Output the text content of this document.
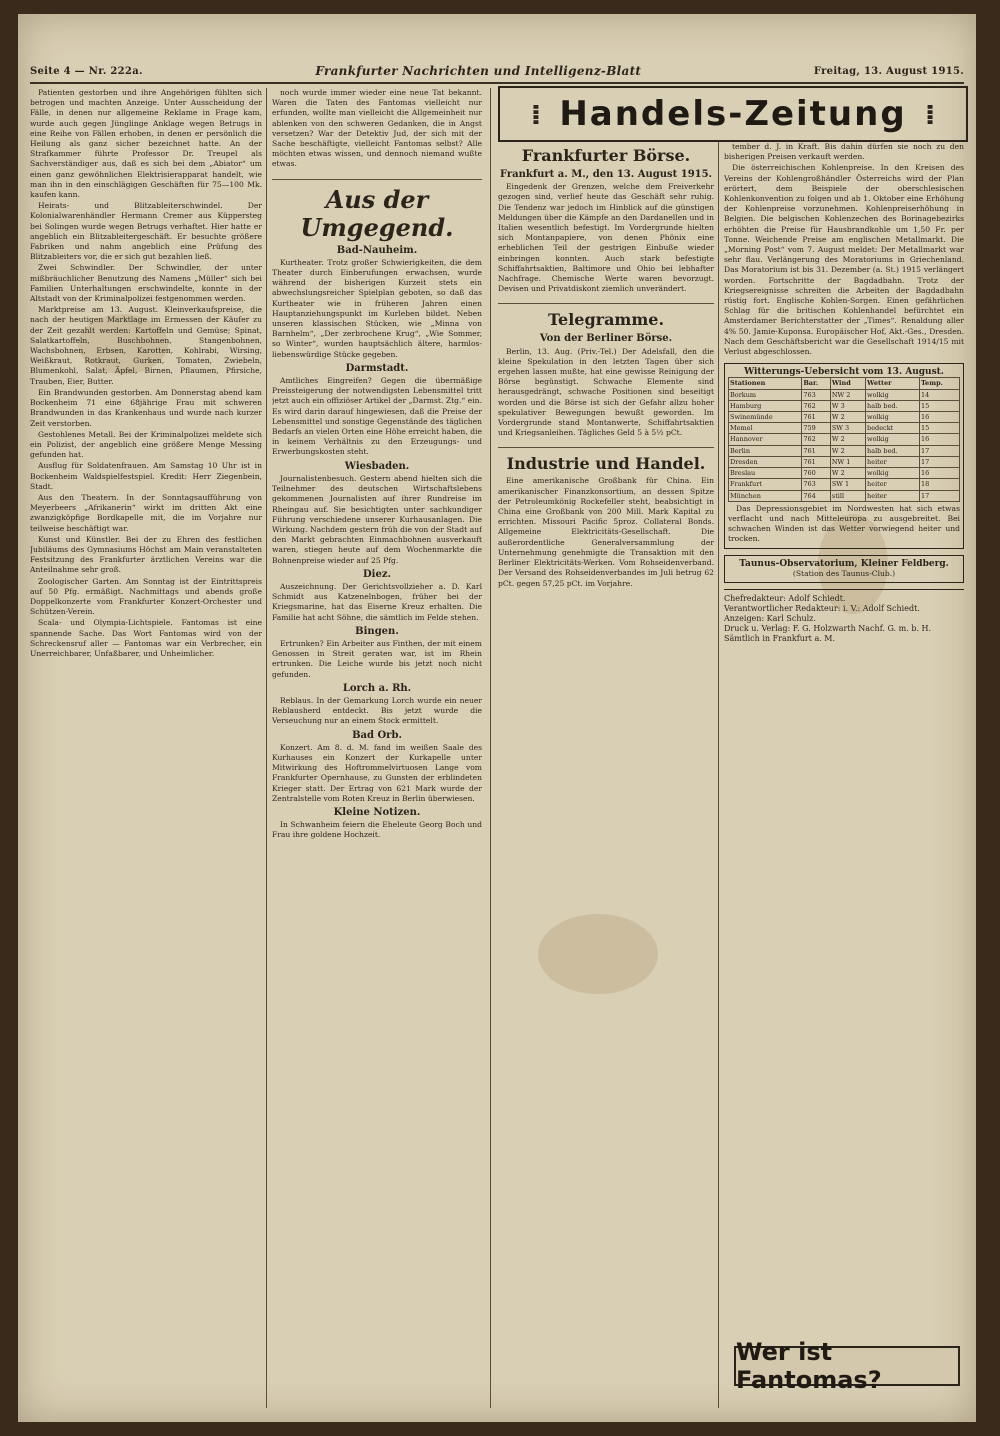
Seite 4 — Nr. 222a.	Frankfurter Nachrichten und Intelligenz-Blatt	Freitag, 13. August 1915.

Patienten gestorben und ihre Angehörigen fühlten sich betrogen und machten Anzeige. Unter Ausscheidung der Fälle, in denen nur allgemeine Reklame in Frage kam, wurde auch gegen Jünglinge Anklage wegen Betrugs in eine Reihe von Fällen erhoben, in denen er persönlich die Heilung als ganz sicher bezeichnet hatte. An der Strafkammer führte Professor Dr. Treupel als Sachverständiger aus, daß es sich bei dem „Abiator“ um einen ganz gewöhnlichen Elektrisierapparat handelt, wie man ihn in den einschlägigen Geschäften für 75—100 Mk. kaufen kann.

Heirats- und Blitzableiterschwindel. Der Kolonialwarenhändler Hermann Cremer aus Küppersteg bei Solingen wurde wegen Betrugs verhaftet. Hier hatte er angeblich ein Blitzableitergeschäft. Er besuchte größere Fabriken und nahm angeblich eine Prüfung des Blitzableiters vor, die er sich gut bezahlen ließ.

Zwei Schwindler. Der Schwindler, der unter mißbräuchlicher Benutzung des Namens „Müller“ sich bei Familien Unterhaltungen erschwindelte, konnte in der Altstadt von der Kriminalpolizei festgenommen werden.

Marktpreise am 13. August. Kleinverkaufspreise, die nach der heutigen Marktlage im Ermessen der Käufer zu der Zeit gezahlt werden: Kartoffeln und Gemüse; Spinat, Salatkartoffeln, Buschbohnen, Stangenbohnen, Wachsbohnen, Erbsen, Karotten, Kohlrabi, Wirsing, Weißkraut, Rotkraut, Gurken, Tomaten, Zwiebeln, Blumenkohl, Salat, Äpfel, Birnen, Pflaumen, Pfirsiche, Trauben, Eier, Butter.

Ein Brandwunden gestorben. Am Donnerstag abend kam Bockenheim 71 eine 68jährige Frau mit schweren Brandwunden in das Krankenhaus und wurde nach kurzer Zeit verstorben.

Gestohlenes Metall. Bei der Kriminalpolizei meldete sich ein Polizist, der angeblich eine größere Menge Messing gefunden hat.

Ausflug für Soldatenfrauen. Am Samstag 10 Uhr ist in Bockenheim Waldspielfestspiel. Kredit: Herr Ziegenbein, Stadt.

Aus den Theatern. In der Sonntagsaufführung von Meyerbeers „Afrikanerin“ wirkt im dritten Akt eine zwanzigköpfige Bordkapelle mit, die im Vorjahre nur teilweise beschäftigt war.

Kunst und Künstler. Bei der zu Ehren des festlichen Jubiläums des Gymnasiums Höchst am Main veranstalteten Festsitzung des Frankfurter ärztlichen Vereins war die Anteilnahme sehr groß.

Zoologischer Garten. Am Sonntag ist der Eintrittspreis auf 50 Pfg. ermäßigt. Nachmittags und abends große Doppelkonzerte vom Frankfurter Konzert-Orchester und Schützen-Verein.

Scala- und Olympia-Lichtspiele. Fantomas ist eine spannende Sache. Das Wort Fantomas wird von der Schreckensruf aller — Fantomas war ein Verbrecher, ein Unerreichbarer, Unfaßbarer, und Unheimlicher.

noch wurde immer wieder eine neue Tat bekannt. Waren die Taten des Fantomas vielleicht nur erfunden, wollte man vielleicht die Allgemeinheit nur ablenken von den schweren Gedanken, die in Angst versetzen? War der Detektiv Jud, der sich mit der Sache beschäftigte, vielleicht Fantomas selbst? Alle möchten etwas wissen, und dennoch niemand wußte etwas.

Aus der Umgegend.
Bad-Nauheim.

Kurtheater. Trotz großer Schwierigkeiten, die dem Theater durch Einberufungen erwachsen, wurde während der bisherigen Kurzeit stets ein abwechslungsreicher Spielplan geboten, so daß das Kurtheater wie in früheren Jahren einen Hauptanziehungspunkt im Kurleben bildet. Neben unseren klassischen Stücken, wie „Minna von Barnhelm“, „Der zerbrochene Krug“, „Wie Sommer, so Winter“, wurden hauptsächlich ältere, harmlos-liebenswürdige Stücke gegeben.

Darmstadt.

Amtliches Eingreifen? Gegen die übermäßige Preissteigerung der notwendigsten Lebensmittel tritt jetzt auch ein offiziöser Artikel der „Darmst. Ztg.“ ein. Es wird darin darauf hingewiesen, daß die Preise der Lebensmittel und sonstige Gegenstände des täglichen Bedarfs an vielen Orten eine Höhe erreicht haben, die in keinem Verhältnis zu den Erzeugungs- und Erwerbungskosten steht.

Wiesbaden.

Journalistenbesuch. Gestern abend hielten sich die Teilnehmer des deutschen Wirtschaftslebens gekommenen Journalisten auf ihrer Rundreise im Rheingau auf. Sie besichtigten unter sachkundiger Führung verschiedene unserer Kurhausanlagen. Die Wirkung. Nachdem gestern früh die von der Stadt auf den Markt gebrachten Einmachbohnen ausverkauft waren, stiegen heute auf dem Wochenmarkte die Bohnenpreise wieder auf 25 Pfg.

Diez.

Auszeichnung. Der Gerichtsvollzieher a. D. Karl Schmidt aus Katzenelnbogen, früher bei der Kriegsmarine, hat das Eiserne Kreuz erhalten. Die Familie hat acht Söhne, die sämtlich im Felde stehen.

Bingen.

Ertrunken? Ein Arbeiter aus Finthen, der mit einem Genossen in Streit geraten war, ist im Rhein ertrunken. Die Leiche wurde bis jetzt noch nicht gefunden.

Lorch a. Rh.

Reblaus. In der Gemarkung Lorch wurde ein neuer Reblausherd entdeckt. Bis jetzt wurde die Verseuchung nur an einem Stock ermittelt.

Bad Orb.

Konzert. Am 8. d. M. fand im weißen Saale des Kurhauses ein Konzert der Kurkapelle unter Mitwirkung des Hoftrommelvirtuosen Lange vom Frankfurter Opernhause, zu Gunsten der erblindeten Krieger statt. Der Ertrag von 621 Mark wurde der Zentralstelle vom Roten Kreuz in Berlin überwiesen.

Kleine Notizen.

In Schwanheim feiern die Eheleute Georg Boch und Frau ihre goldene Hochzeit.

⁞ Handels-Zeitung ⁞
Frankfurter Börse.
Frankfurt a. M., den 13. August 1915.

Eingedenk der Grenzen, welche dem Freiverkehr gezogen sind, verlief heute das Geschäft sehr ruhig. Die Tendenz war jedoch im Hinblick auf die günstigen Meldungen über die Kämpfe an den Dardanellen und in Italien wesentlich befestigt. Im Vordergrunde hielten sich Montanpapiere, von denen Phönix eine erheblichen Teil der gestrigen Einbuße wieder einbringen konnten. Auch stark befestigte Schiffahrtsaktien, Baltimore und Ohio bei lebhafter Nachfrage. Chemische Werte waren bevorzugt. Devisen und Privatdiskont ziemlich unverändert.

Telegramme.
Von der Berliner Börse.

Berlin, 13. Aug. (Priv.-Tel.) Der Adelsfall, den die kleine Spekulation in den letzten Tagen über sich ergehen lassen mußte, hat eine gewisse Reinigung der Börse begünstigt. Schwache Elemente sind herausgedrängt, schwache Positionen sind beseitigt worden und die Börse ist sich der Gefahr allzu hoher spekulativer Bewegungen bewußt geworden. Im Vordergrunde stand Montanwerte, Schiffahrtsaktien und Kriegsanleihen. Tägliches Geld 5 à 5½ pCt.

Industrie und Handel.

Eine amerikanische Großbank für China. Ein amerikanischer Finanzkonsortium, an dessen Spitze der Petroleumkönig Rockefeller steht, beabsichtigt in China eine Großbank von 200 Mill. Mark Kapital zu errichten. Missouri Pacific 5proz. Collateral Bonds. Allgemeine Elektricitäts-Gesellschaft. Die außerordentliche Generalversammlung der Unternehmung genehmigte die Transaktion mit den Berliner Elektricitäts-Werken. Vom Rohseidenverband. Der Versand des Rohseidenverbandes im Juli betrug 62 pCt. gegen 57,25 pCt. im Vorjahre.

tember d. J. in Kraft. Bis dahin dürfen sie noch zu den bisherigen Preisen verkauft werden.

Die österreichischen Kohlenpreise. In den Kreisen des Vereins der Kohlengroßhändler Österreichs wird der Plan erörtert, dem Beispiele der oberschlesischen Kohlenkonvention zu folgen und ab 1. Oktober eine Erhöhung der Kohlenpreise vorzunehmen. Kohlenpreiserhöhung in Belgien. Die belgischen Kohlenzechen des Borinagebezirks erhöhten die Preise für Hausbrandkohle um 1,50 Fr. per Tonne. Weichende Preise am englischen Metallmarkt. Die „Morning Post“ vom 7. August meldet: Der Metallmarkt war sehr flau. Verlängerung des Moratoriums in Griechenland. Das Moratorium ist bis 31. Dezember (a. St.) 1915 verlängert worden. Fortschritte der Bagdadbahn. Trotz der Kriegsereignisse schreiten die Arbeiten der Bagdadbahn rüstig fort. Englische Kohlen-Sorgen. Einen gefährlichen Schlag für die britischen Kohlenhandel befürchtet ein Amsterdamer Berichterstatter der „Times“. Renaldung aller 4% 50. Jamie-Kuponsa. Europäischer Hof, Akt.-Ges., Dresden. Nach dem Geschäftsbericht war die Gesellschaft 1914/15 mit Verlust abgeschlossen.

Witterungs-Uebersicht vom 13. August.
Stationen	Bar.	Wind	Wetter	Temp.
Borkum	763	NW 2	wolkig	14
Hamburg	762	W 3	halb bed.	15
Swinemünde	761	W 2	wolkig	16
Memel	759	SW 3	bedeckt	15
Hannover	762	W 2	wolkig	16
Berlin	761	W 2	halb bed.	17
Dresden	761	NW 1	heiter	17
Breslau	760	W 2	wolkig	16
Frankfurt	763	SW 1	heiter	18
München	764	still	heiter	17

Das Depressionsgebiet im Nordwesten hat sich etwas verflacht und nach Mitteleuropa zu ausgebreitet. Bei schwachen Winden ist das Wetter vorwiegend heiter und trocken.

Taunus-Observatorium, Kleiner Feldberg.
(Station des Taunus-Club.)
Chefredakteur: Adolf Schiedt.
Verantwortlicher Redakteur: i. V.: Adolf Schiedt.
Anzeigen: Karl Schulz.
Druck u. Verlag: F. G. Holzwarth Nachf. G. m. b. H.
Sämtlich in Frankfurt a. M.
Wer ist Fantomas?
